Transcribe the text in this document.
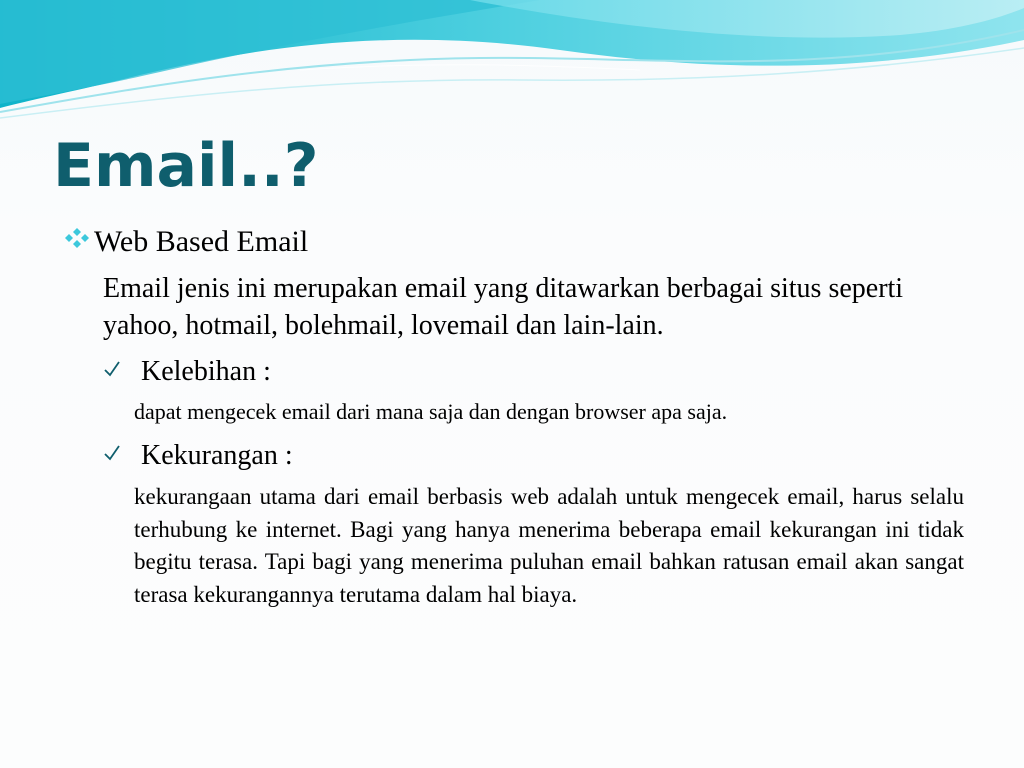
Email..?
Web Based Email

Email jenis ini merupakan email yang ditawarkan berbagai situs seperti yahoo, hotmail, bolehmail, lovemail dan lain-lain.

Kelebihan :

dapat mengecek email dari mana saja dan dengan browser apa saja.

Kekurangan :

kekurangaan utama dari email berbasis web adalah untuk mengecek email, harus selalu terhubung ke internet. Bagi yang hanya menerima beberapa email kekurangan ini tidak begitu terasa. Tapi bagi yang menerima puluhan email bahkan ratusan email akan sangat terasa kekurangannya terutama dalam hal biaya.
